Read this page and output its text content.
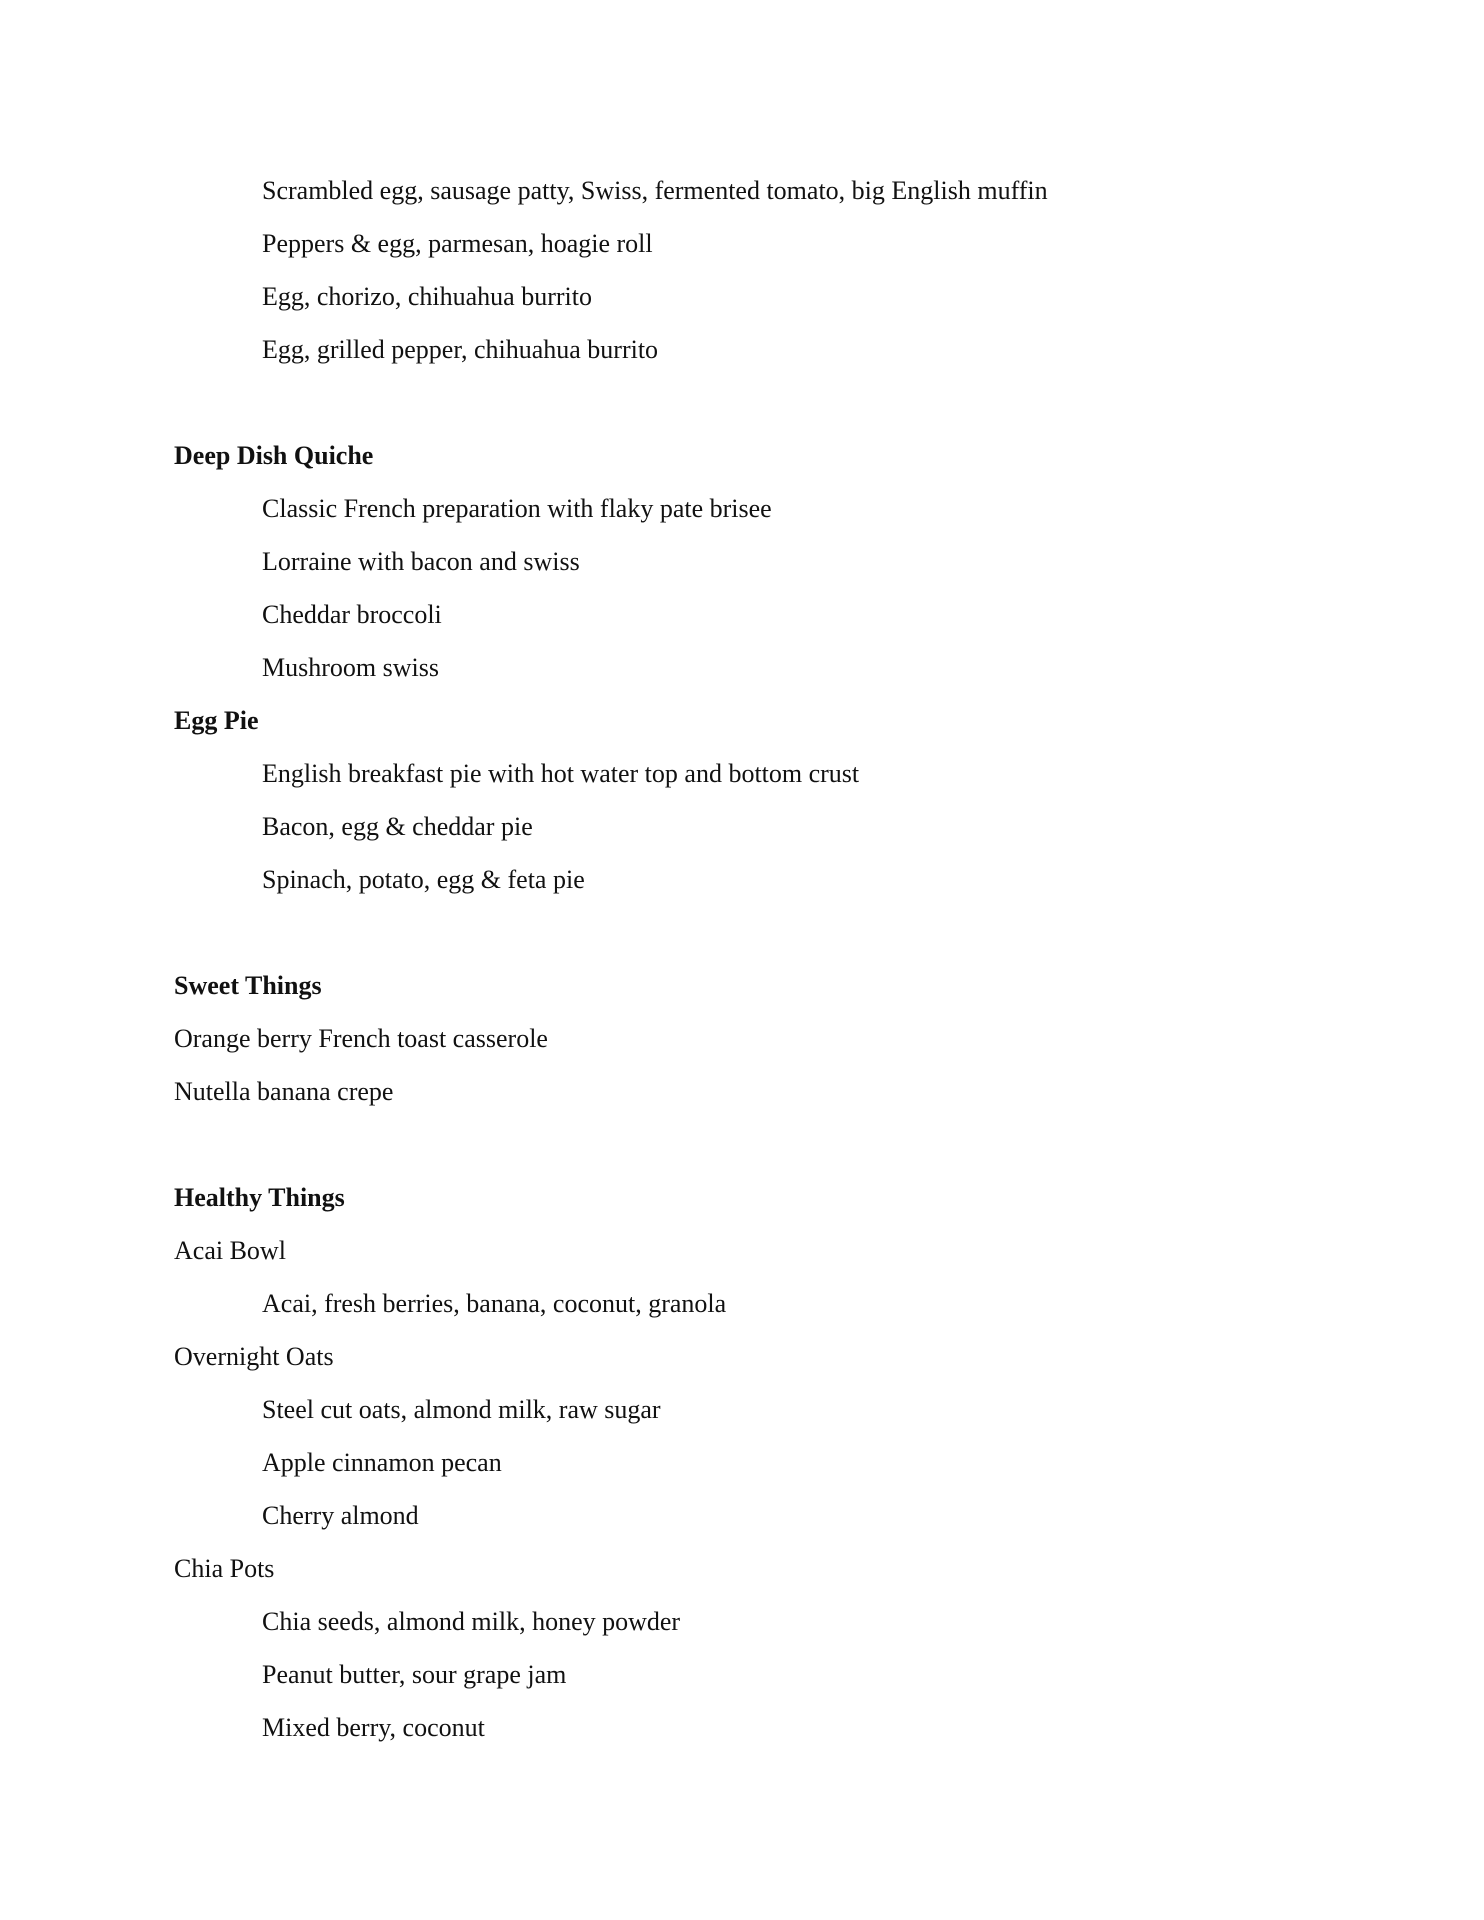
Scrambled egg, sausage patty, Swiss, fermented tomato, big English muffin
Peppers & egg, parmesan, hoagie roll
Egg, chorizo, chihuahua burrito
Egg, grilled pepper, chihuahua burrito
Deep Dish Quiche
Classic French preparation with flaky pate brisee
Lorraine with bacon and swiss
Cheddar broccoli
Mushroom swiss
Egg Pie
English breakfast pie with hot water top and bottom crust
Bacon, egg & cheddar pie
Spinach, potato, egg & feta pie
Sweet Things
Orange berry French toast casserole
Nutella banana crepe
Healthy Things
Acai Bowl
Acai, fresh berries, banana, coconut, granola
Overnight Oats
Steel cut oats, almond milk, raw sugar
Apple cinnamon pecan
Cherry almond
Chia Pots
Chia seeds, almond milk, honey powder
Peanut butter, sour grape jam
Mixed berry, coconut
